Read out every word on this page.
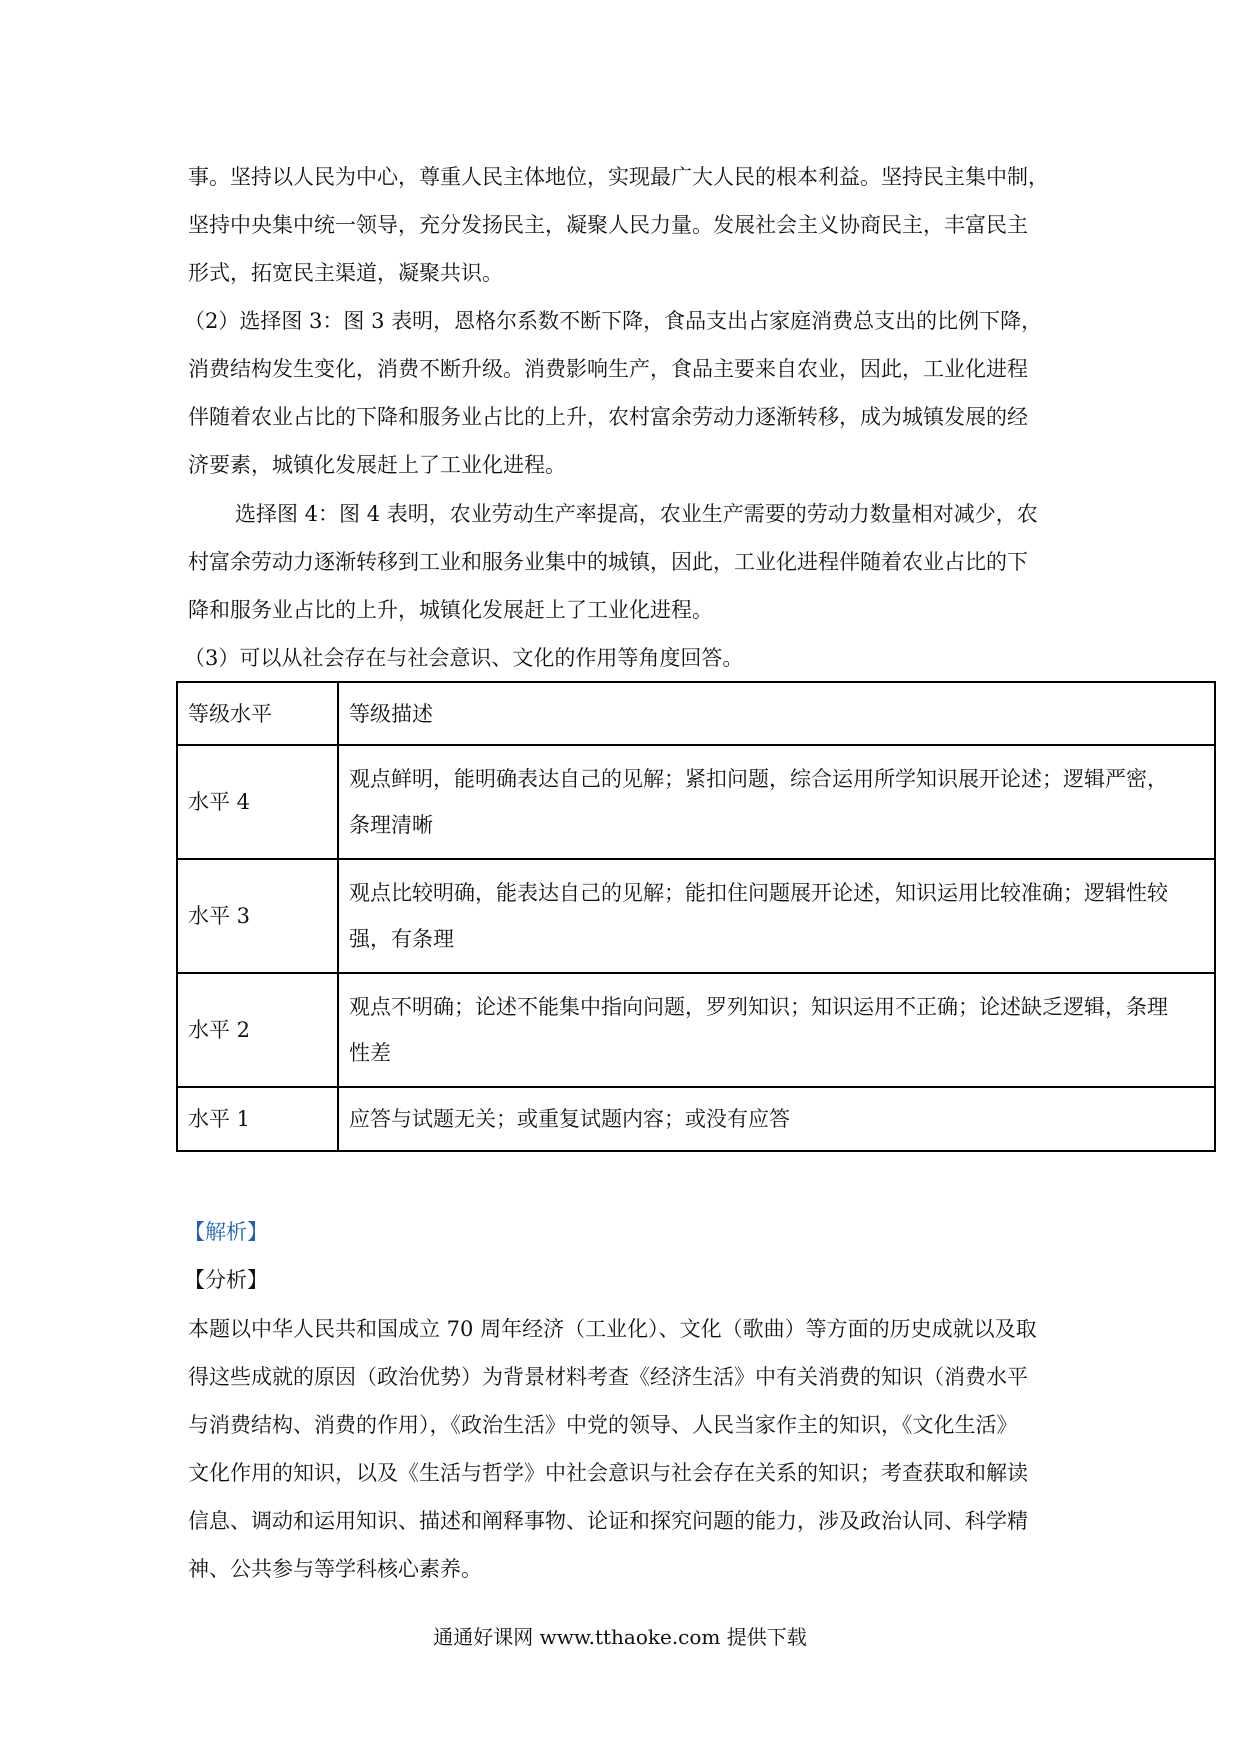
事。坚持以人民为中心，尊重人民主体地位，实现最广大人民的根本利益。坚持民主集中制，
坚持中央集中统一领导，充分发扬民主，凝聚人民力量。发展社会主义协商民主，丰富民主
形式，拓宽民主渠道，凝聚共识。
（2）选择图 3：图 3 表明，恩格尔系数不断下降，食品支出占家庭消费总支出的比例下降，
消费结构发生变化，消费不断升级。消费影响生产，食品主要来自农业，因此，工业化进程
伴随着农业占比的下降和服务业占比的上升，农村富余劳动力逐渐转移，成为城镇发展的经
济要素，城镇化发展赶上了工业化进程。
选择图 4：图 4 表明，农业劳动生产率提高，农业生产需要的劳动力数量相对减少，农
村富余劳动力逐渐转移到工业和服务业集中的城镇，因此，工业化进程伴随着农业占比的下
降和服务业占比的上升，城镇化发展赶上了工业化进程。
（3）可以从社会存在与社会意识、文化的作用等角度回答。
等级水平	等级描述
水平 4	观点鲜明，能明确表达自己的见解；紧扣问题，综合运用所学知识展开论述；逻辑严密，
条理清晰

水平 3	观点比较明确，能表达自己的见解；能扣住问题展开论述，知识运用比较准确；逻辑性较
强，有条理

水平 2	观点不明确；论述不能集中指向问题，罗列知识；知识运用不正确；论述缺乏逻辑，条理
性差

水平 1	应答与试题无关；或重复试题内容；或没有应答
【解析】
【分析】
本题以中华人民共和国成立 70 周年经济（工业化）、文化（歌曲）等方面的历史成就以及取
得这些成就的原因（政治优势）为背景材料考查《经济生活》中有关消费的知识（消费水平
与消费结构、消费的作用），《政治生活》中党的领导、人民当家作主的知识，《文化生活》
文化作用的知识，以及《生活与哲学》中社会意识与社会存在关系的知识；考查获取和解读
信息、调动和运用知识、描述和阐释事物、论证和探究问题的能力，涉及政治认同、科学精
神、公共参与等学科核心素养。
通通好课网 www.tthaoke.com 提供下载
